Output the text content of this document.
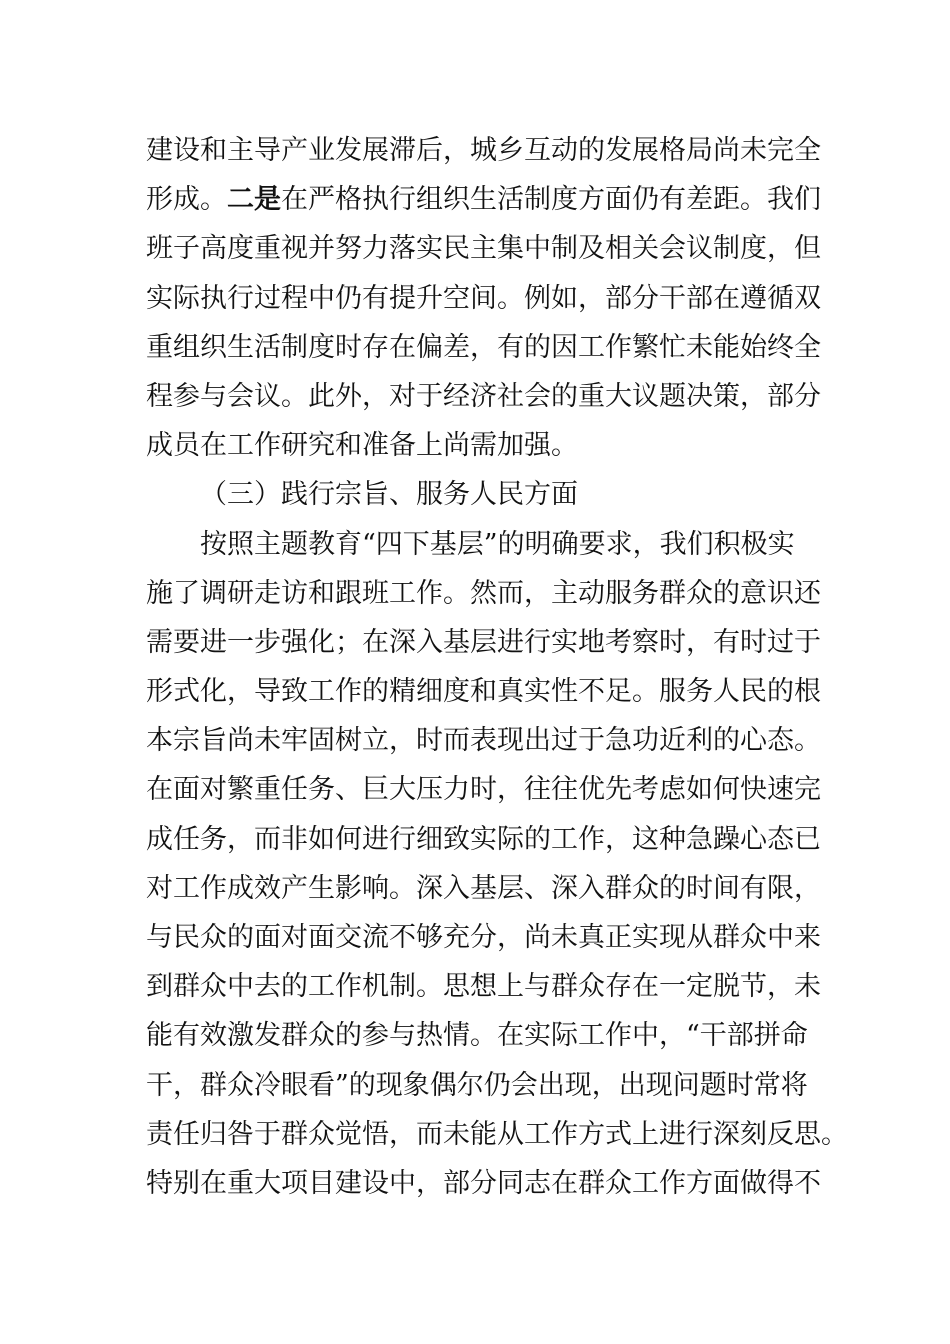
建设和主导产业发展滞后，城乡互动的发展格局尚未完全
形成。二是在严格执行组织生活制度方面仍有差距。我们
班子高度重视并努力落实民主集中制及相关会议制度，但
实际执行过程中仍有提升空间。例如，部分干部在遵循双
重组织生活制度时存在偏差，有的因工作繁忙未能始终全
程参与会议。此外，对于经济社会的重大议题决策，部分
成员在工作研究和准备上尚需加强。
（三）践行宗旨、服务人民方面
按照主题教育“四下基层”的明确要求，我们积极实
施了调研走访和跟班工作。然而，主动服务群众的意识还
需要进一步强化；在深入基层进行实地考察时，有时过于
形式化，导致工作的精细度和真实性不足。服务人民的根
本宗旨尚未牢固树立，时而表现出过于急功近利的心态。
在面对繁重任务、巨大压力时，往往优先考虑如何快速完
成任务，而非如何进行细致实际的工作，这种急躁心态已
对工作成效产生影响。深入基层、深入群众的时间有限，
与民众的面对面交流不够充分，尚未真正实现从群众中来
到群众中去的工作机制。思想上与群众存在一定脱节，未
能有效激发群众的参与热情。在实际工作中，“干部拼命
干，群众冷眼看”的现象偶尔仍会出现，出现问题时常将
责任归咎于群众觉悟，而未能从工作方式上进行深刻反思。
特别在重大项目建设中，部分同志在群众工作方面做得不
